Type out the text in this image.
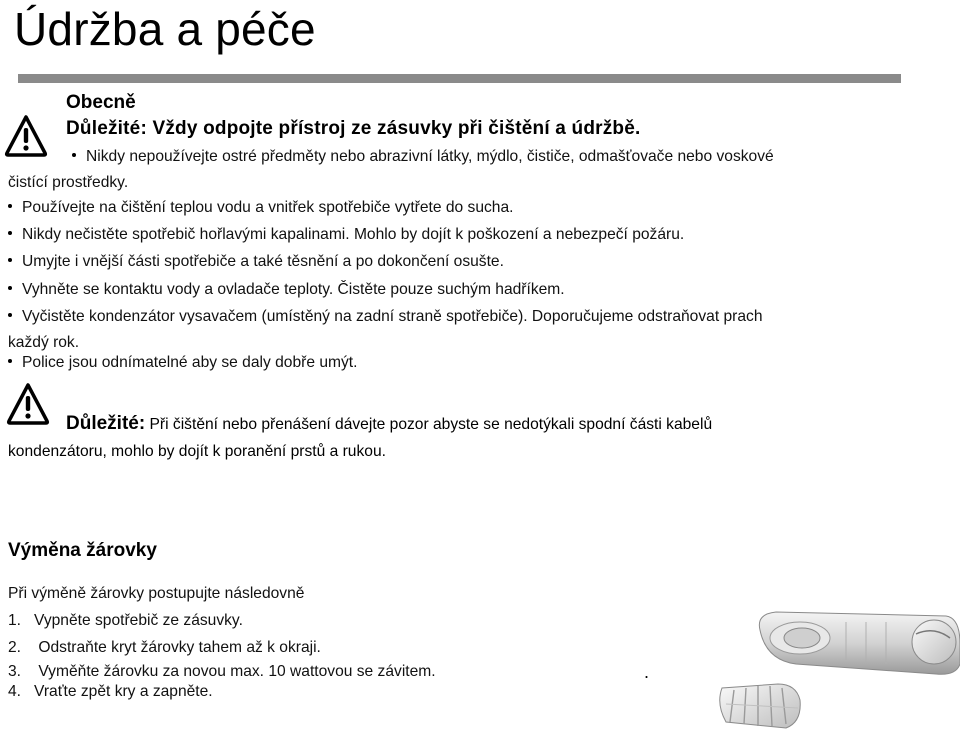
Údržba a péče
Obecně
Důležité: Vždy odpojte přístroj ze zásuvky při čištění a údržbě.
Nikdy nepoužívejte ostré předměty nebo abrazivní látky, mýdlo, čističe, odmašťovače nebo voskové
čistící prostředky.
Používejte na čištění teplou vodu a vnitřek spotřebiče vytřete do sucha.
Nikdy nečistěte spotřebič hořlavými kapalinami. Mohlo by dojít k poškození a nebezpečí požáru.
Umyjte i vnější části spotřebiče a také těsnění a po dokončení osušte.
Vyhněte se kontaktu vody a ovladače teploty. Čistěte pouze suchým hadříkem.
Vyčistěte kondenzátor vysavačem (umístěný na zadní straně spotřebiče). Doporučujeme odstraňovat prach
každý rok.
Police jsou odnímatelné aby se daly dobře umýt.
Důležité: Při čištění nebo přenášení dávejte pozor abyste se nedotýkali spodní části kabelů
kondenzátoru, mohlo by dojít k poranění prstů a rukou.
Výměna žárovky
Při výměně žárovky postupujte následovně
1. Vypněte spotřebič ze zásuvky.
2. Odstraňte kryt žárovky tahem až k okraji.
3. Vyměňte žárovku za novou max. 10 wattovou se závitem.
4. Vraťte zpět kry a zapněte.
.
